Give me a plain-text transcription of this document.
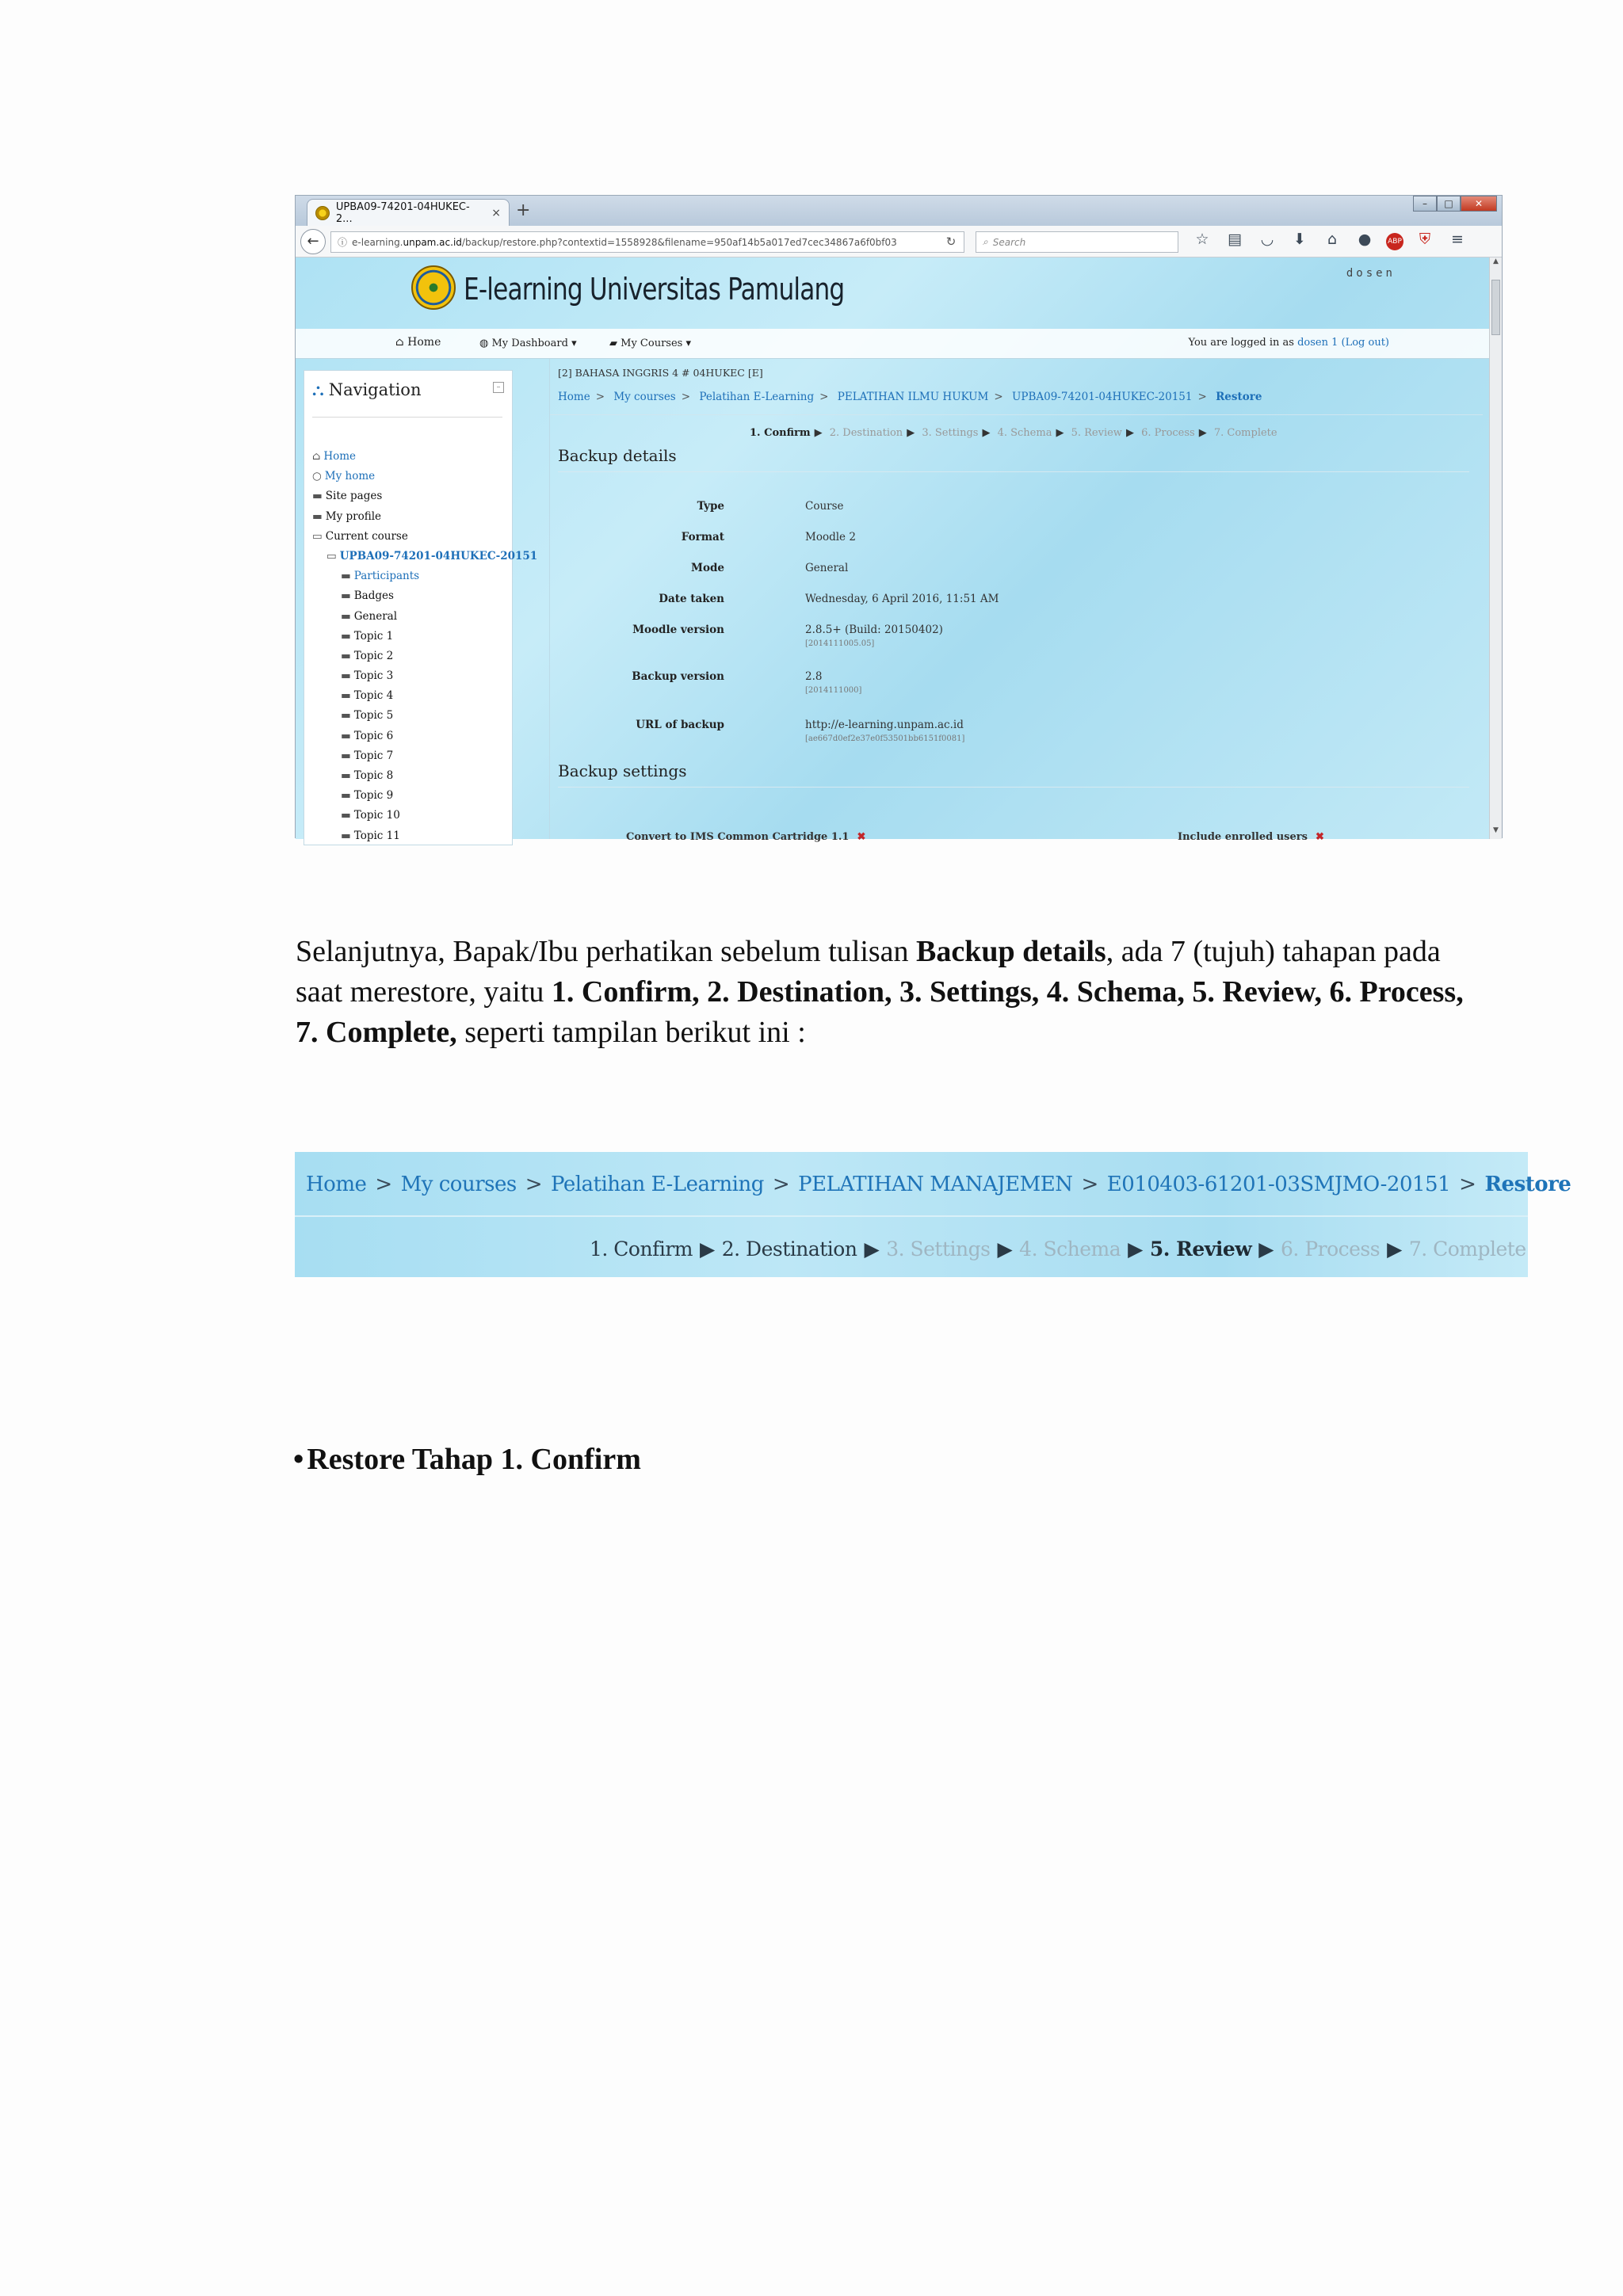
UPBA09-74201-04HUKEC-2...	× +	–	□	✕
←	ⓘ e-learning.unpam.ac.id/backup/restore.php?contextid=1558928&filename=950af14b5a017ed7cec34867a6f0bf03	↻	⌕ Search	☆ ▤	◡	⬇	⌂	●	ABP	⛨	≡
E-learning Universitas Pamulang	dosen
⌂ Home	◍ My Dashboard ▾	▰ My Courses ▾	You are logged in as dosen 1 (Log out)
⛬ Navigation	–
⌂ Home
○ My home
▬ Site pages
▬ My profile
▭ Current course
▭ UPBA09-74201-04HUKEC-20151
▬ Participants
▬ Badges
▬ General
▬ Topic 1
▬ Topic 2
▬ Topic 3
▬ Topic 4
▬ Topic 5
▬ Topic 6
▬ Topic 7
▬ Topic 8
▬ Topic 9
▬ Topic 10
▬ Topic 11
[2] BAHASA INGGRIS 4 # 04HUKEC [E]
Home > My courses > Pelatihan E-Learning > PELATIHAN ILMU HUKUM > UPBA09-74201-04HUKEC-20151 > Restore
1. Confirm ▶ 2. Destination ▶ 3. Settings ▶ 4. Schema ▶ 5. Review ▶ 6. Process ▶ 7. Complete
Backup details
Type	Course
Format	Moodle 2
Mode	General
Date taken	Wednesday, 6 April 2016, 11:51 AM
Moodle version	2.8.5+ (Build: 20150402)
[2014111005.05]
Backup version	2.8
[2014111000]
URL of backup	http://e-learning.unpam.ac.id
[ae667d0ef2e37e0f53501bb6151f0081]
Backup settings
Convert to IMS Common Cartridge 1.1 ✖	Include enrolled users ✖
▲
▼

Selanjutnya, Bapak/Ibu perhatikan sebelum tulisan Backup details, ada 7 (tujuh) tahapan pada saat merestore, yaitu 1. Confirm, 2. Destination, 3. Settings, 4. Schema, 5. Review, 6. Process, 7. Complete, seperti tampilan berikut ini :

Home > My courses > Pelatihan E-Learning > PELATIHAN MANAJEMEN > E010403-61201-03SMJMO-20151 > Restore
1. Confirm ▶ 2. Destination ▶ 3. Settings ▶ 4. Schema ▶ 5. Review ▶ 6. Process ▶ 7. Complete
• Restore Tahap 1. Confirm
